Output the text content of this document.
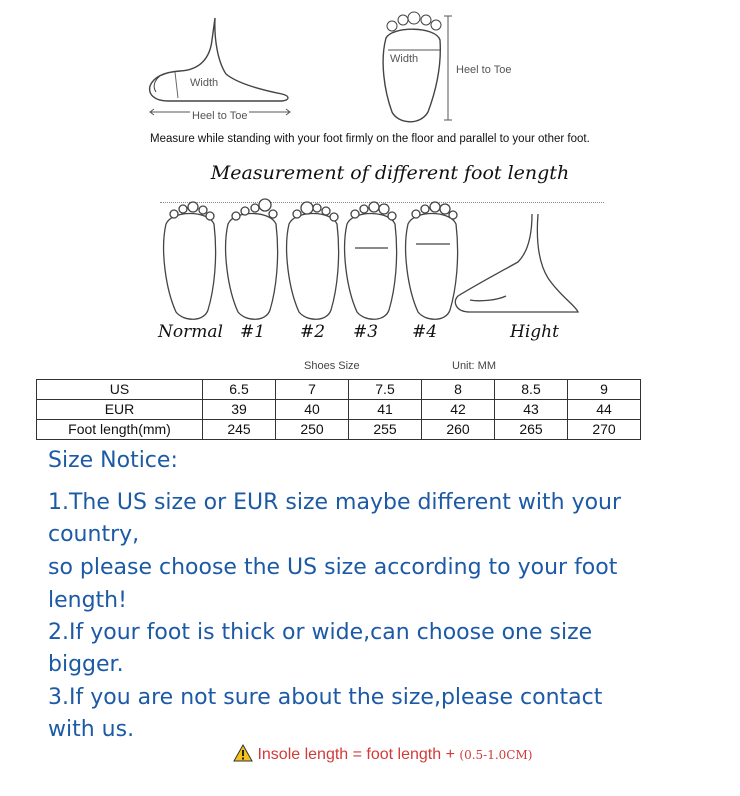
Width
Heel to Toe
Width
Heel to Toe
Measure while standing with your foot firmly on the floor and parallel to your other foot.
Measurement of different foot length
Normal #1 #2 #3 #4	Hight
Shoes Size	Unit: MM
US	6.5	7	7.5	8	8.5	9
EUR	39	40	41	42	43	44
Foot length(mm)	245	250	255	260	265	270
Size Notice:
1.The US size or EUR size maybe different with your
country,
so please choose the US size according to your foot
length!
2.If your foot is thick or wide,can choose one size
bigger.
3.If you are not sure about the size,please contact
with us.
Insole length = foot length + (0.5-1.0CM)
